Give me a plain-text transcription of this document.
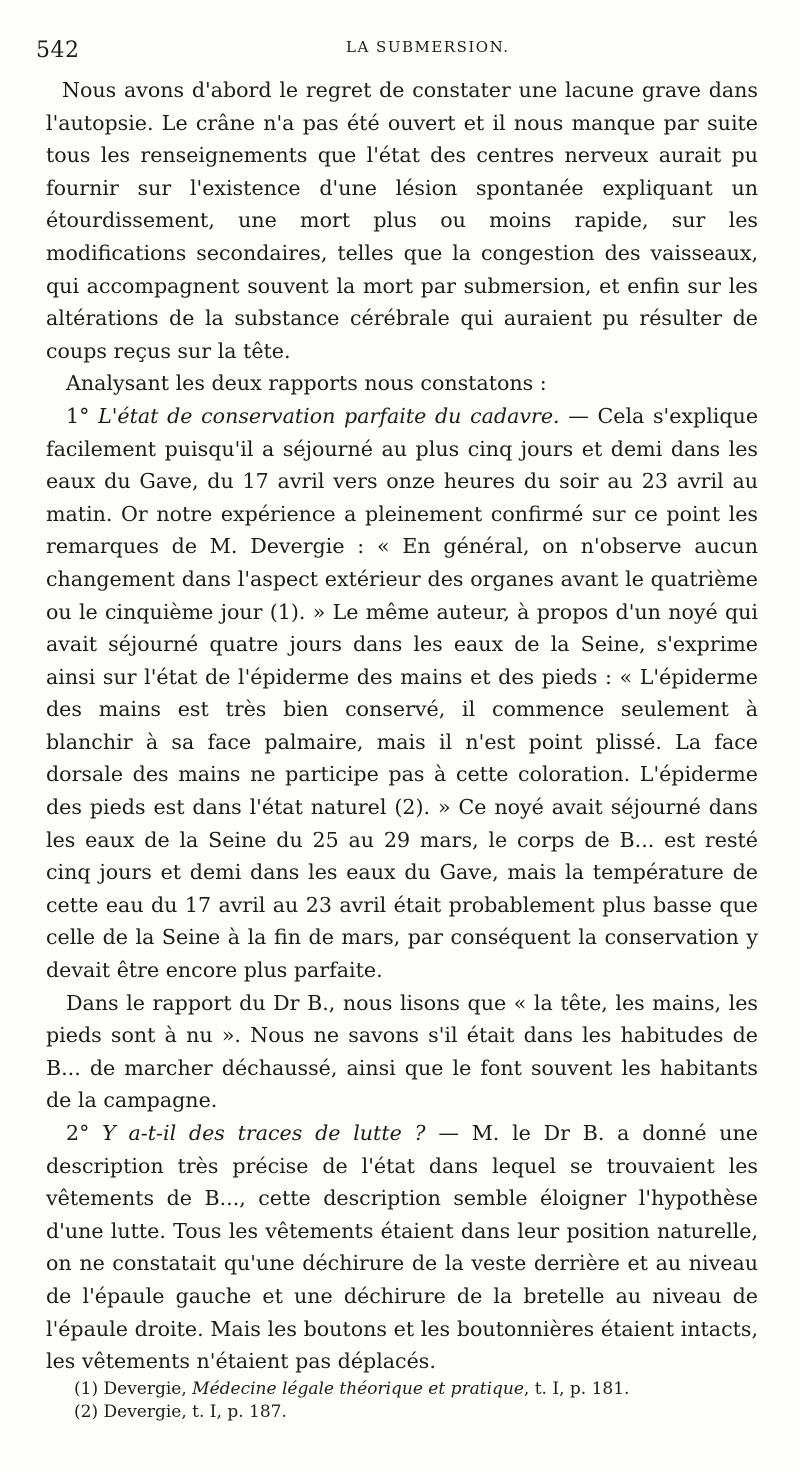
542	LA SUBMERSION.

Nous avons d'abord le regret de constater une lacune grave dans l'autopsie. Le crâne n'a pas été ouvert et il nous manque par suite tous les renseignements que l'état des centres nerveux aurait pu fournir sur l'existence d'une lésion spontanée expliquant un étourdissement, une mort plus ou moins rapide, sur les modifications secondaires, telles que la congestion des vaisseaux, qui accompagnent souvent la mort par submersion, et enfin sur les altérations de la substance cérébrale qui auraient pu résulter de coups reçus sur la tête.

Analysant les deux rapports nous constatons :

1° L'état de conservation parfaite du cadavre. — Cela s'explique facilement puisqu'il a séjourné au plus cinq jours et demi dans les eaux du Gave, du 17 avril vers onze heures du soir au 23 avril au matin. Or notre expérience a pleinement confirmé sur ce point les remarques de M. Devergie : « En général, on n'observe aucun changement dans l'aspect extérieur des organes avant le quatrième ou le cinquième jour (1). » Le même auteur, à propos d'un noyé qui avait séjourné quatre jours dans les eaux de la Seine, s'exprime ainsi sur l'état de l'épiderme des mains et des pieds : « L'épiderme des mains est très bien conservé, il commence seulement à blanchir à sa face palmaire, mais il n'est point plissé. La face dorsale des mains ne participe pas à cette coloration. L'épiderme des pieds est dans l'état naturel (2). » Ce noyé avait séjourné dans les eaux de la Seine du 25 au 29 mars, le corps de B... est resté cinq jours et demi dans les eaux du Gave, mais la température de cette eau du 17 avril au 23 avril était probablement plus basse que celle de la Seine à la fin de mars, par conséquent la conservation y devait être encore plus parfaite.

Dans le rapport du Dr B., nous lisons que « la tête, les mains, les pieds sont à nu ». Nous ne savons s'il était dans les habitudes de B... de marcher déchaussé, ainsi que le font souvent les habitants de la campagne.

2° Y a-t-il des traces de lutte ? — M. le Dr B. a donné une description très précise de l'état dans lequel se trouvaient les vêtements de B..., cette description semble éloigner l'hypothèse d'une lutte. Tous les vêtements étaient dans leur position naturelle, on ne constatait qu'une déchirure de la veste derrière et au niveau de l'épaule gauche et une déchirure de la bretelle au niveau de l'épaule droite. Mais les boutons et les boutonnières étaient intacts, les vêtements n'étaient pas déplacés.

(1) Devergie, Médecine légale théorique et pratique, t. I, p. 181.
(2) Devergie, t. I, p. 187.
